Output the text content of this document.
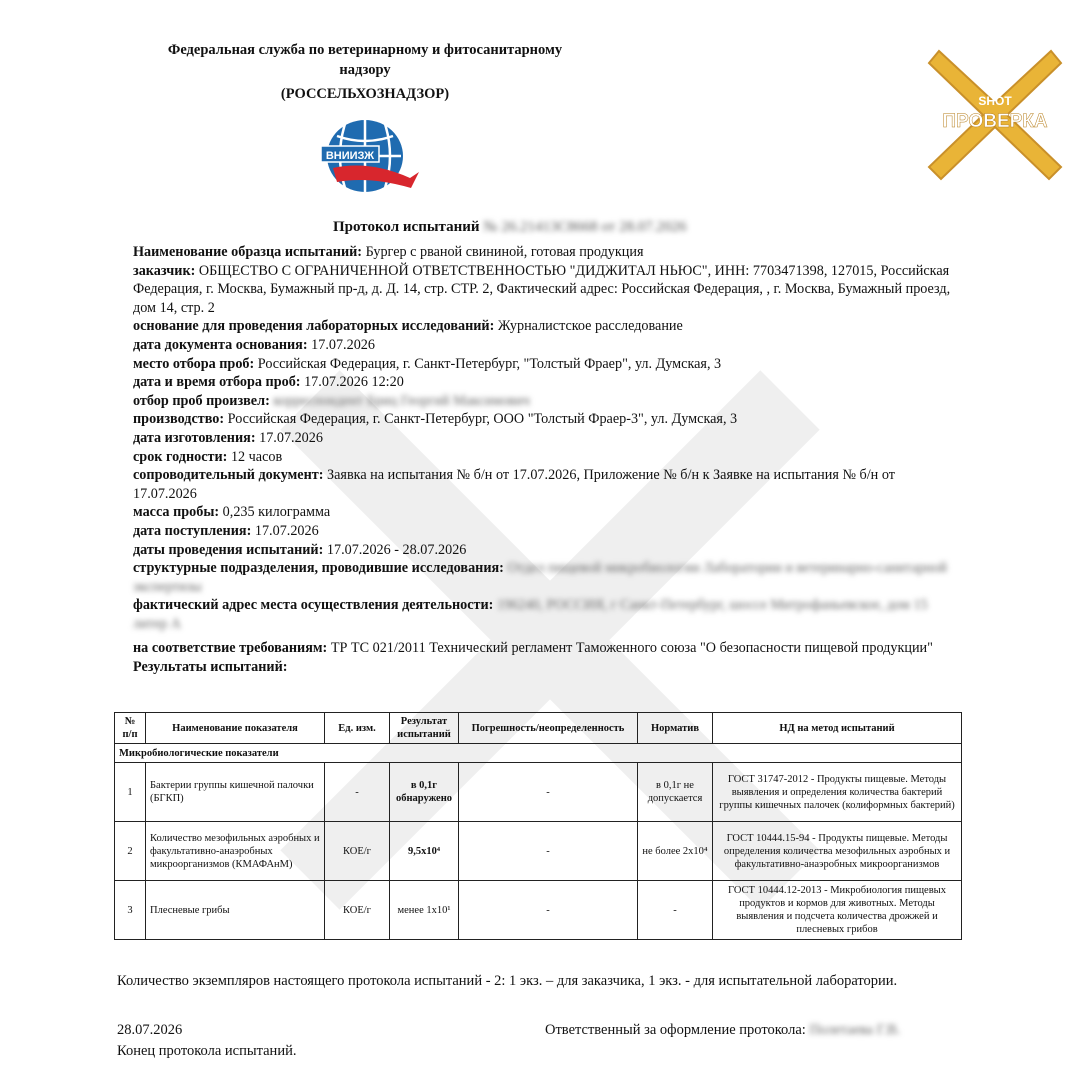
Федеральная служба по ветеринарному и фитосанитарному
надзору
(РОССЕЛЬХОЗНАДЗОР)
ВНИИЗЖ
SHOT
ПРОВЕРКА
Протокол испытаний № 26.21413С8668 от 28.07.2026

Наименование образца испытаний: Бургер с рваной свининой, готовая продукция

заказчик: ОБЩЕСТВО С ОГРАНИЧЕННОЙ ОТВЕТСТВЕННОСТЬЮ "ДИДЖИТАЛ НЬЮС", ИНН: 7703471398, 127015, Российская Федерация, г. Москва, Бумажный пр-д, д. Д. 14, стр. СТР. 2, Фактический адрес: Российская Федерация, , г. Москва, Бумажный проезд, дом 14, стр. 2

основание для проведения лабораторных исследований: Журналистское расследование

дата документа основания: 17.07.2026

место отбора проб: Российская Федерация, г. Санкт-Петербург, "Толстый Фраер", ул. Думская, 3

дата и время отбора проб: 17.07.2026 12:20

отбор проб произвел: корреспондент Бриц Георгий Максимович

производство: Российская Федерация, г. Санкт-Петербург, ООО "Толстый Фраер-3", ул. Думская, 3

дата изготовления: 17.07.2026

срок годности: 12 часов

сопроводительный документ: Заявка на испытания № б/н от 17.07.2026, Приложение № б/н к Заявке на испытания № б/н от 17.07.2026

масса пробы: 0,235 килограмма

дата поступления: 17.07.2026

даты проведения испытаний: 17.07.2026 - 28.07.2026

структурные подразделения, проводившие исследования: Отдел пищевой микробиологии Лаборатории и ветеринарно-санитарной экспертизы

фактический адрес места осуществления деятельности: 196240, РОССИЯ, г Санкт-Петербург, шоссе Митрофаньевское, дом 15 литер А

на соответствие требованиям: ТР ТС 021/2011 Технический регламент Таможенного союза "О безопасности пищевой продукции"

Результаты испытаний:

№ п/п	Наименование показателя	Ед. изм.	Результат испытаний	Погрешность/неопределенность	Норматив	НД на метод испытаний
Микробиологические показатели						
1	Бактерии группы кишечной палочки (БГКП)	-	в 0,1г обнаружено	-	в 0,1г не допускается	ГОСТ 31747-2012 - Продукты пищевые. Методы выявления и определения количества бактерий группы кишечных палочек (колиформных бактерий)
2	Количество мезофильных аэробных и факультативно-анаэробных микроорганизмов (КМАФАнМ)	КОЕ/г	9,5х10⁴	-	не более 2х10⁴	ГОСТ 10444.15-94 - Продукты пищевые. Методы определения количества мезофильных аэробных и факультативно-анаэробных микроорганизмов
3	Плесневые грибы	КОЕ/г	менее 1х10¹	-	-	ГОСТ 10444.12-2013 - Микробиология пищевых продуктов и кормов для животных. Методы выявления и подсчета количества дрожжей и плесневых грибов
Количество экземпляров настоящего протокола испытаний - 2: 1 экз. – для заказчика, 1 экз. - для испытательной лаборатории.
28.07.2026	Ответственный за оформление протокола: Полетаева Г.В.
Конец протокола испытаний.
